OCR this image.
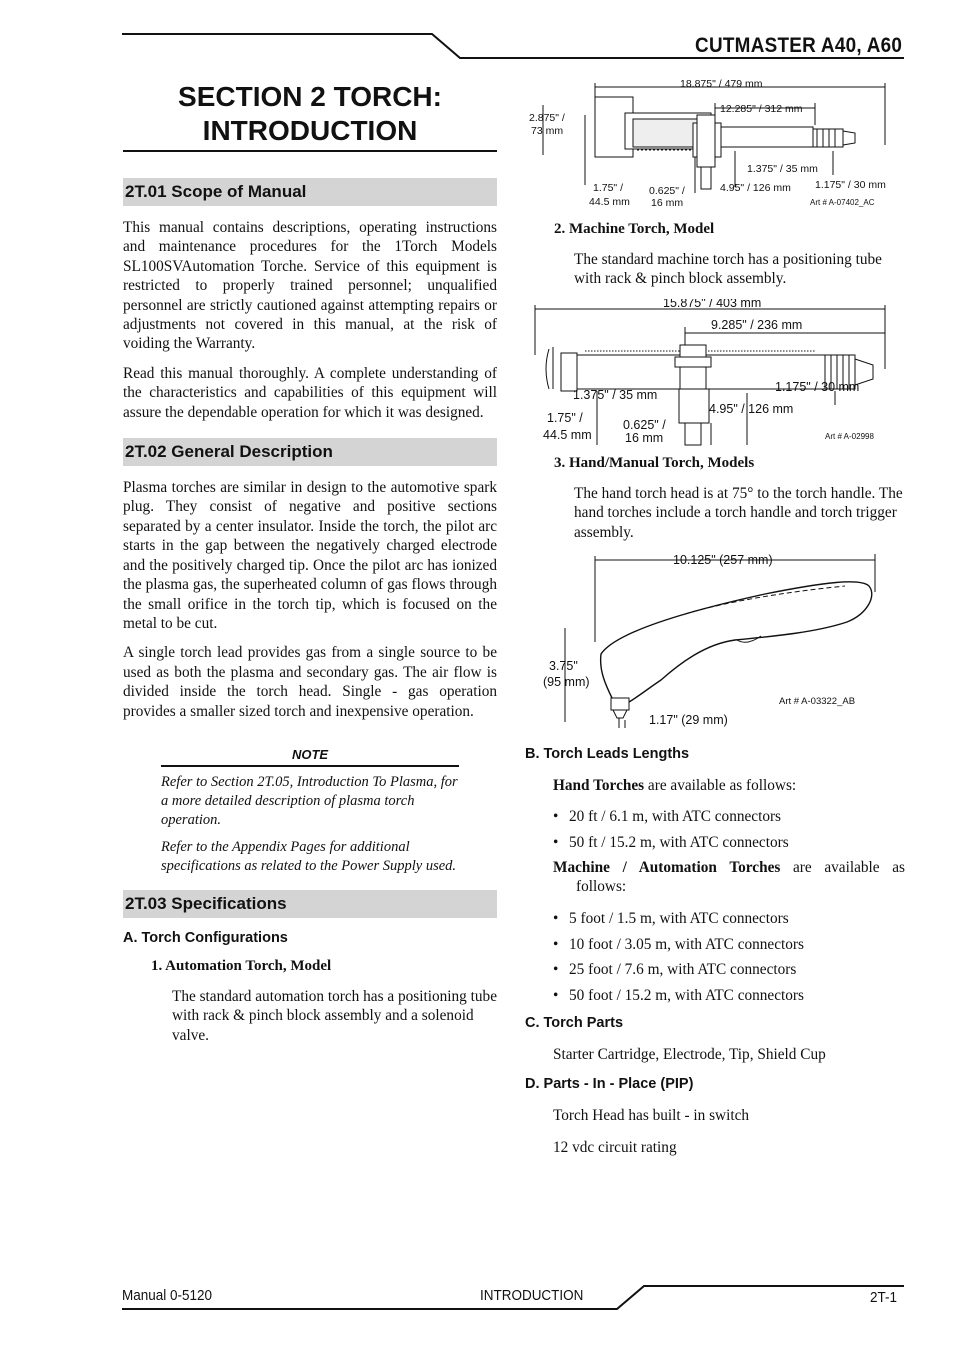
CUTMASTER A40, A60
SECTION 2 TORCH:
INTRODUCTION
2T.01 Scope of Manual

This manual contains descriptions, operating instructions and maintenance procedures for the 1Torch Models SL100SVAutomation Torche. Service of this equipment is restricted to properly trained personnel; unqualified personnel are strictly cautioned against attempting repairs or adjustments not covered in this manual, at the risk of voiding the Warranty.

Read this manual thoroughly. A complete understanding of the characteristics and capabilities of this equipment will assure the dependable operation for which it was designed.

2T.02 General Description

Plasma torches are similar in design to the automotive spark plug. They consist of negative and positive sections separated by a center insulator. Inside the torch, the pilot arc starts in the gap between the negatively charged electrode and the positively charged tip. Once the pilot arc has ionized the plasma gas, the superheated column of gas flows through the small orifice in the torch tip, which is focused on the metal to be cut.

A single torch lead provides gas from a single source to be used as both the plasma and secondary gas. The air flow is divided inside the torch head. Single - gas operation provides a smaller sized torch and inexpensive operation.

NOTE

Refer to Section 2T.05, Introduction To Plasma, for a more detailed description of plasma torch operation.

Refer to the Appendix Pages for additional specifications as related to the Power Supply used.

2T.03 Specifications
A. Torch Configurations
1. Automation Torch, Model

The standard automation torch has a positioning tube with rack & pinch block assembly and a solenoid valve.

18.875" / 479 mm
12.285" / 312 mm
2.875" /
73 mm
1.375" / 35 mm
1.175" / 30 mm
1.75" /
44.5 mm
0.625" /
16 mm
4.95" / 126 mm
Art # A-07402_AC
2. Machine Torch, Model

The standard machine torch has a positioning tube with rack & pinch block assembly.

15.875" / 403 mm
9.285" / 236 mm
1.375" / 35 mm
1.175" / 30 mm
1.75" /
44.5 mm
0.625" /
16 mm
4.95" / 126 mm
Art # A-02998
3. Hand/Manual Torch, Models

The hand torch head is at 75° to the torch handle. The hand torches include a torch handle and torch trigger assembly.

10.125" (257 mm)
3.75"
(95 mm)
1.17" (29 mm)
Art # A-03322_AB
B. Torch Leads Lengths

Hand Torches are available as follows:

• 20 ft / 6.1 m, with ATC connectors
• 50 ft / 15.2 m, with ATC connectors

Machine / Automation Torches are available as follows:

• 5 foot / 1.5 m, with ATC connectors
• 10 foot / 3.05 m, with ATC connectors
• 25 foot / 7.6 m, with ATC connectors
• 50 foot / 15.2 m, with ATC connectors
C. Torch Parts

Starter Cartridge, Electrode, Tip, Shield Cup

D. Parts - In - Place (PIP)

Torch Head has built - in switch

12 vdc circuit rating

Manual 0-5120	INTRODUCTION	2T-1
